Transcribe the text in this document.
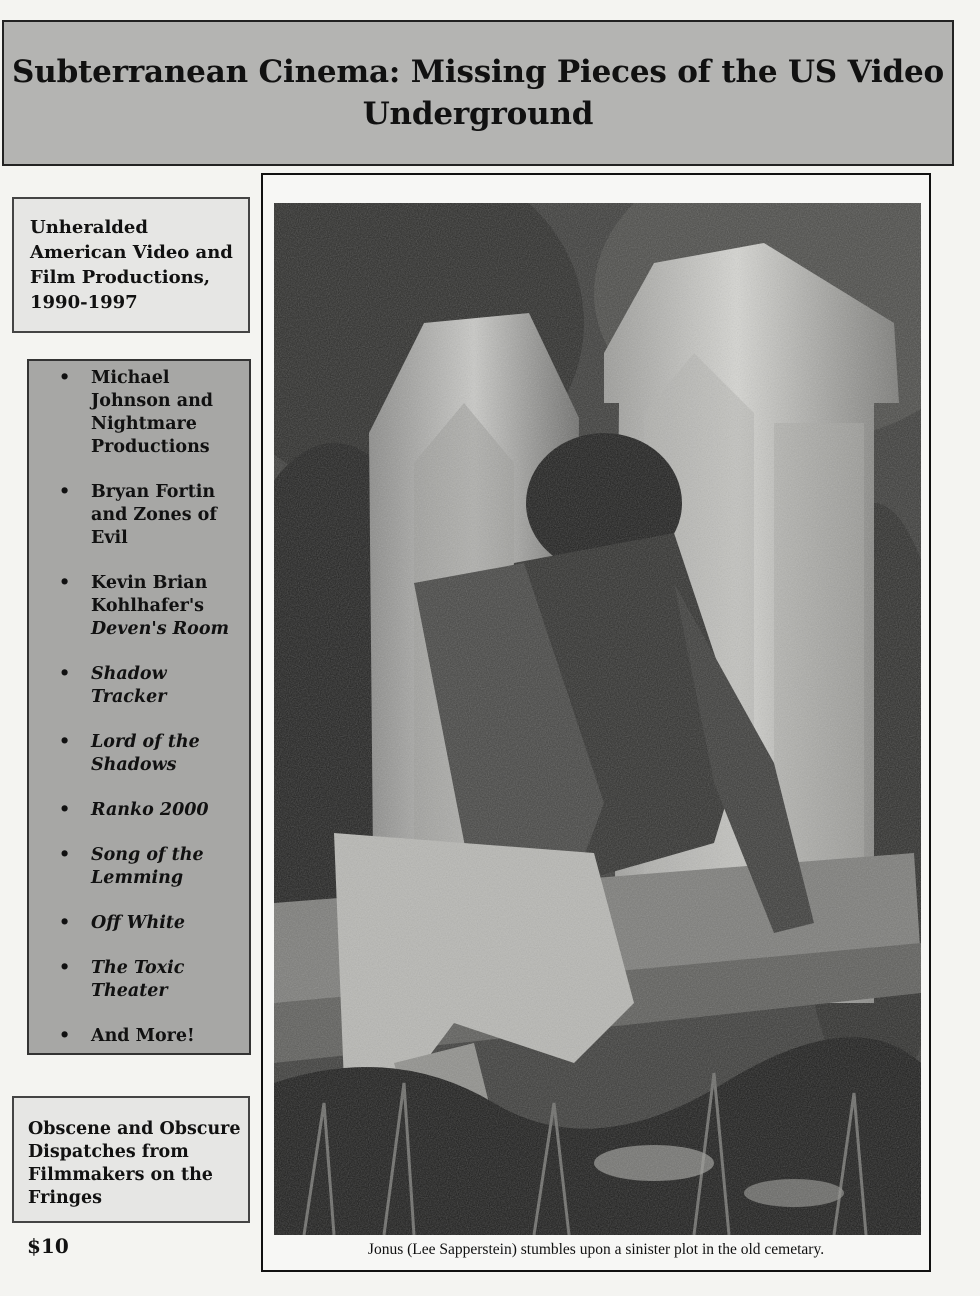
Subterranean Cinema: Missing Pieces of the US Video
Underground

Unheralded
American Video and
Film Productions,
1990-1997

• Michael
Johnson and
Nightmare
Productions
• Bryan Fortin
and Zones of
Evil
• Kevin Brian
Kohlhafer's
Deven's Room
• Shadow
Tracker
• Lord of the
Shadows
• Ranko 2000
• Song of the
Lemming
• Off White
• The Toxic
Theater
• And More!

Obscene and Obscure
Dispatches from
Filmmakers on the
Fringes

$10	Jonus (Lee Sapperstein) stumbles upon a sinister plot in the old cemetary.
